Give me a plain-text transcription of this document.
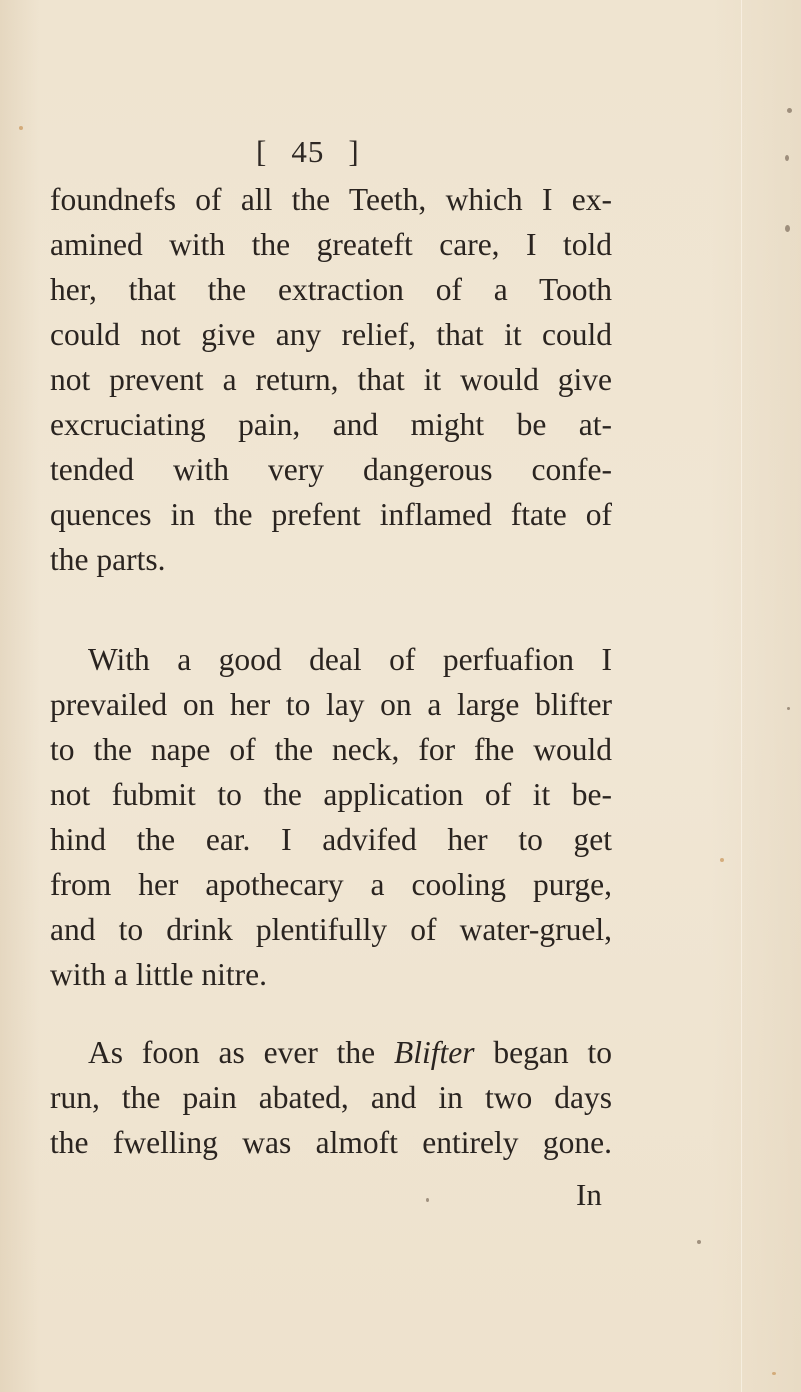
[ 45 ]
foundnefs of all the Teeth, which I ex-
amined with the greateft care, I told
her, that the extraction of a Tooth
could not give any relief, that it could
not prevent a return, that it would give
excruciating pain, and might be at-
tended with very dangerous confe-
quences in the prefent inflamed ftate of
the parts.
With a good deal of perfuafion I
prevailed on her to lay on a large blifter
to the nape of the neck, for fhe would
not fubmit to the application of it be-
hind the ear. I advifed her to get
from her apothecary a cooling purge,
and to drink plentifully of water-gruel,
with a little nitre.
As foon as ever the Blifter began to
run, the pain abated, and in two days
the fwelling was almoft entirely gone.
In
